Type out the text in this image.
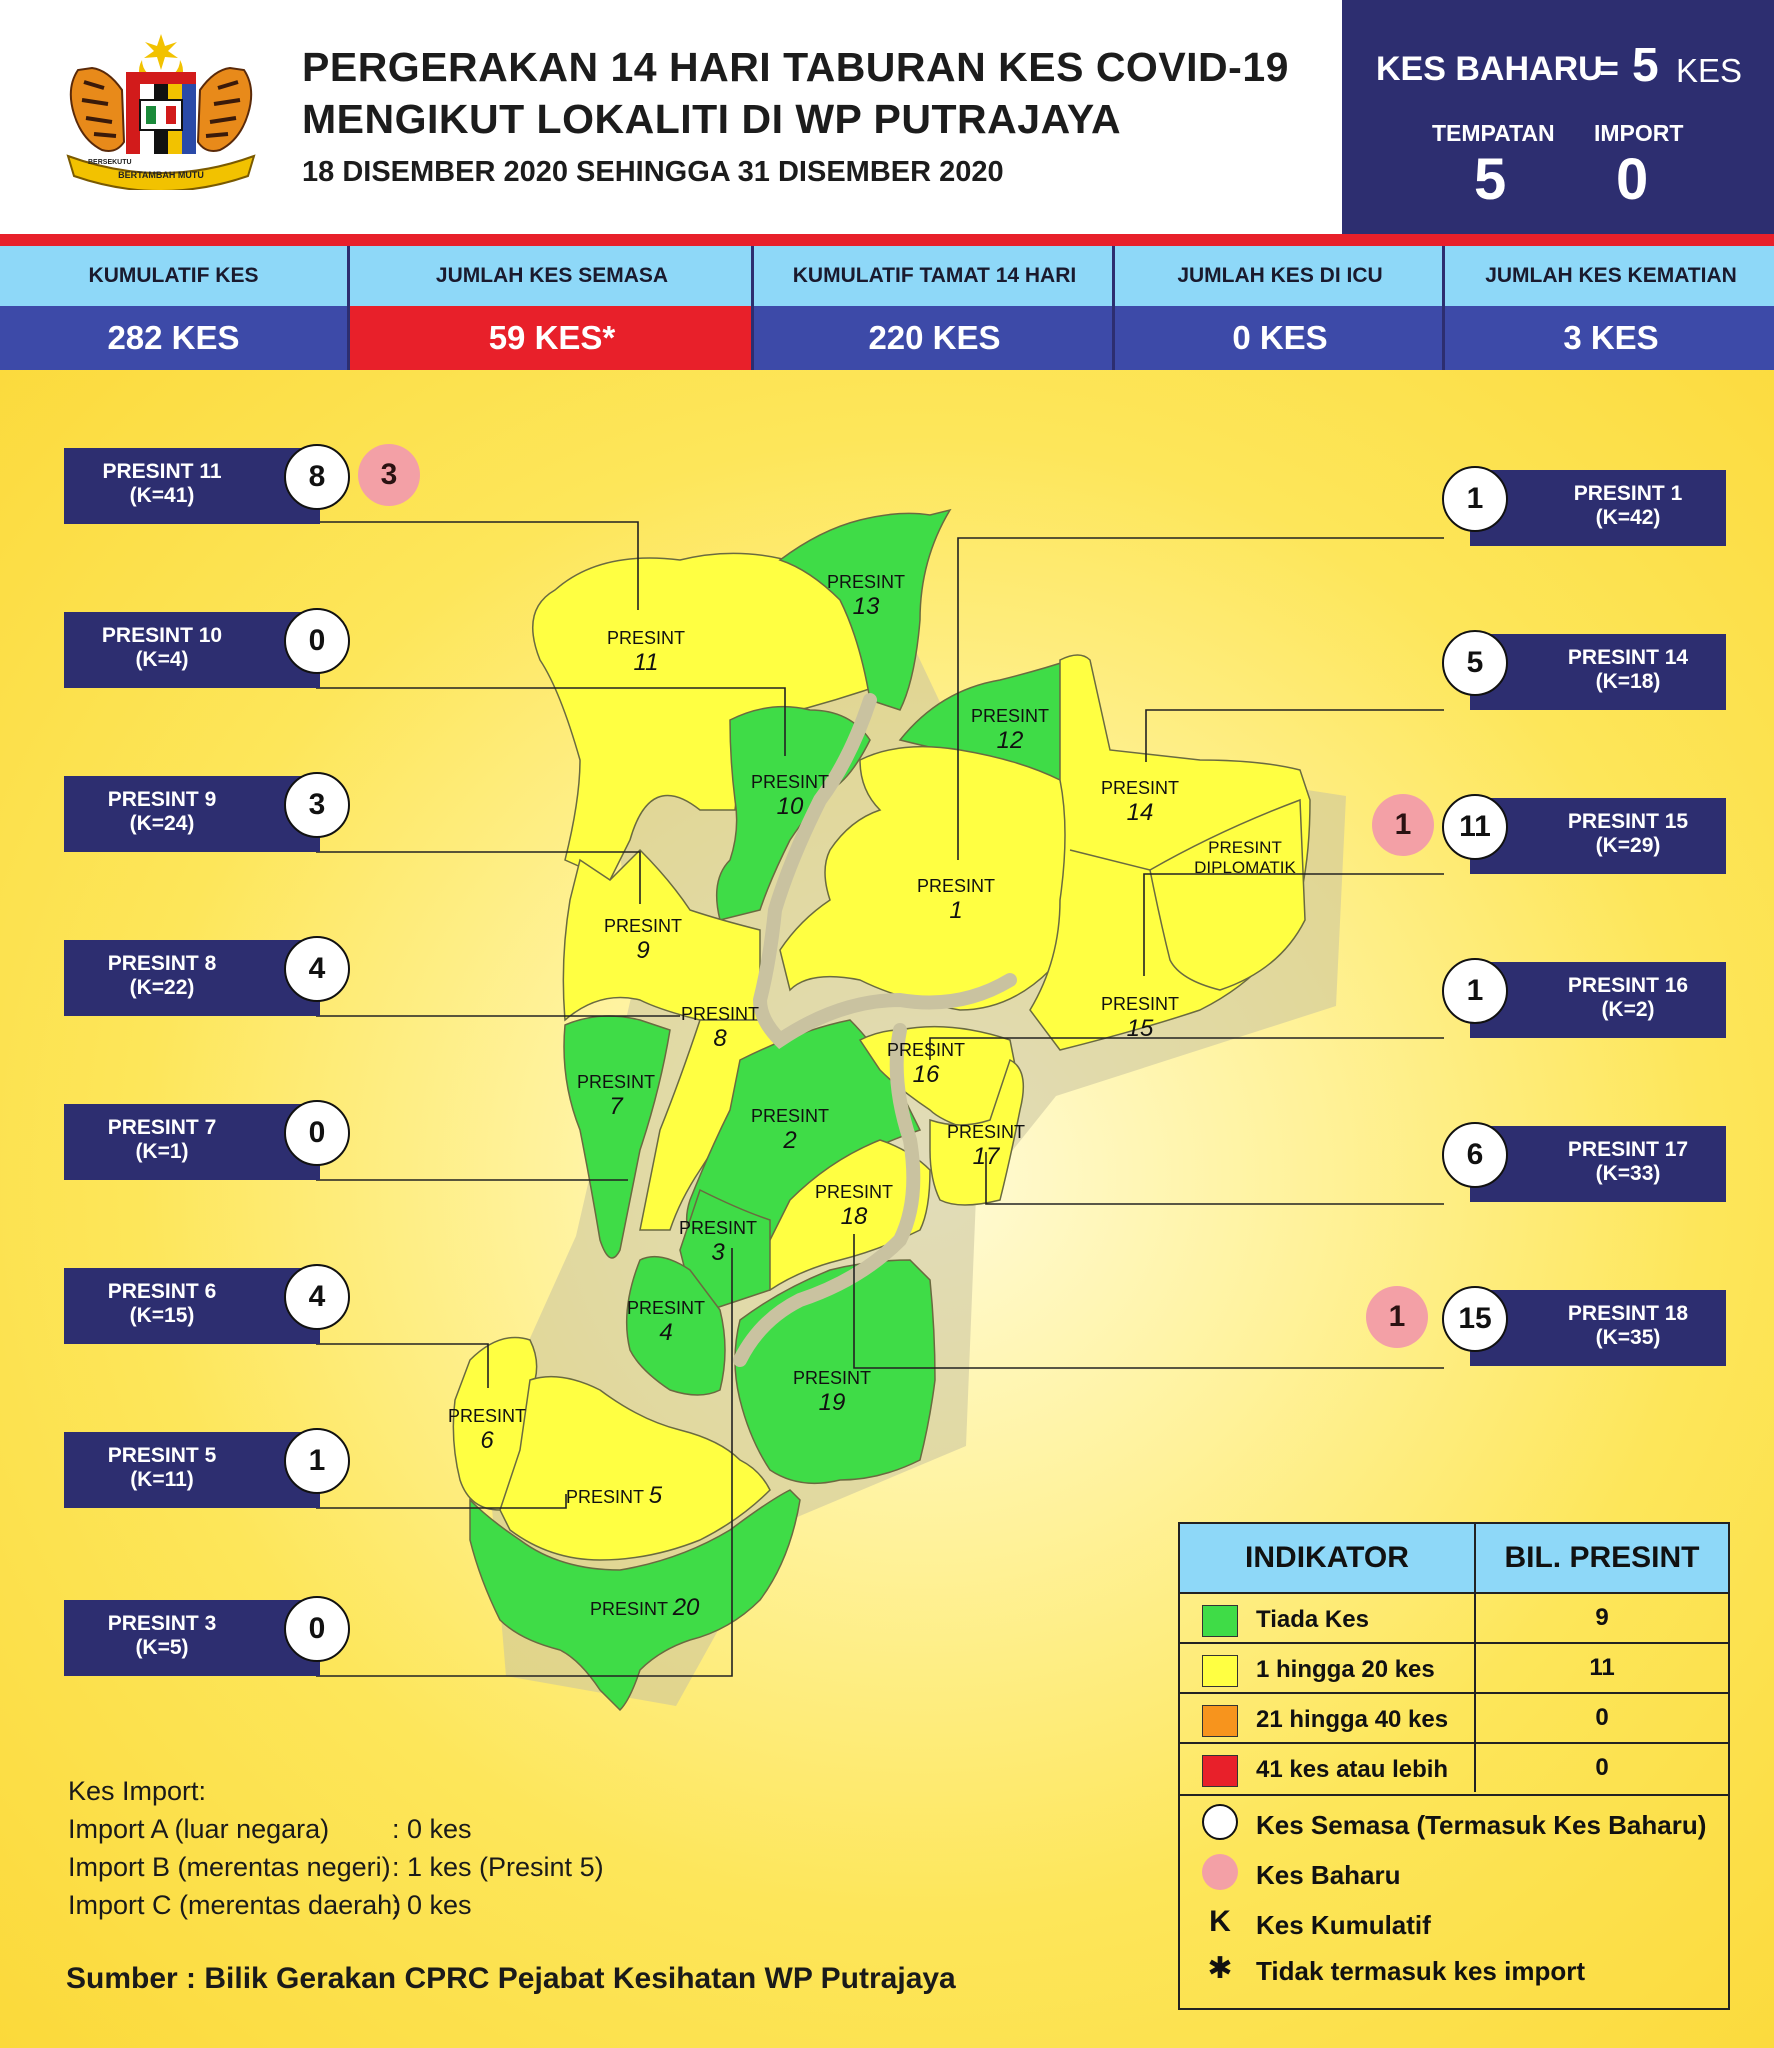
BERTAMBAH MUTU
BERSEKUTU
PERGERAKAN 14 HARI TABURAN KES COVID-19
MENGIKUT LOKALITI DI WP PUTRAJAYA
18 DISEMBER 2020 SEHINGGA 31 DISEMBER 2020
KES BAHARU
= 5 KES
TEMPATAN
5
IMPORT
0
KUMULATIF KES
282 KES
JUMLAH KES SEMASA
59 KES*
KUMULATIF TAMAT 14 HARI
220 KES
JUMLAH KES DI ICU
0 KES
JUMLAH KES KEMATIAN
3 KES
PRESINT
11
PRESINT
13
PRESINT
10
PRESINT
12
PRESINT
1
PRESINT
14
PRESINT
DIPLOMATIK
PRESINT
15
PRESINT
9
PRESINT
8
PRESINT
7	PRESINT
2
PRESINT
16
PRESINT
17
PRESINT
18
PRESINT
3
PRESINT
4
PRESINT
19
PRESINT
6
PRESINT 5
PRESINT 20
PRESINT 11
(K=41)
8	3
PRESINT 10
(K=4)
0
PRESINT 9
(K=24)
3
PRESINT 8
(K=22)
4
PRESINT 7
(K=1)
0
PRESINT 6
(K=15)
4
PRESINT 5
(K=11)
1
PRESINT 3
(K=5)
0
PRESINT 1
(K=42)
1
PRESINT 14
(K=18)
5
PRESINT 15
(K=29)
11
1
PRESINT 16
(K=2)
1
PRESINT 17
(K=33)
6
PRESINT 18
(K=35)
15
1
Kes Import:
Import A (luar negara) : 0 kes
Import B (merentas negeri) : 1 kes (Presint 5)
Import C (merentas daerah)
: 0 kes
Sumber : Bilik Gerakan CPRC Pejabat Kesihatan WP Putrajaya
INDIKATOR	BIL. PRESINT
Tiada Kes	9
1 hingga 20 kes	11
21 hingga 40 kes	0
41 kes atau lebih	0
Kes Semasa (Termasuk Kes Baharu)
Kes Baharu
K Kes Kumulatif
✱ Tidak termasuk kes import
